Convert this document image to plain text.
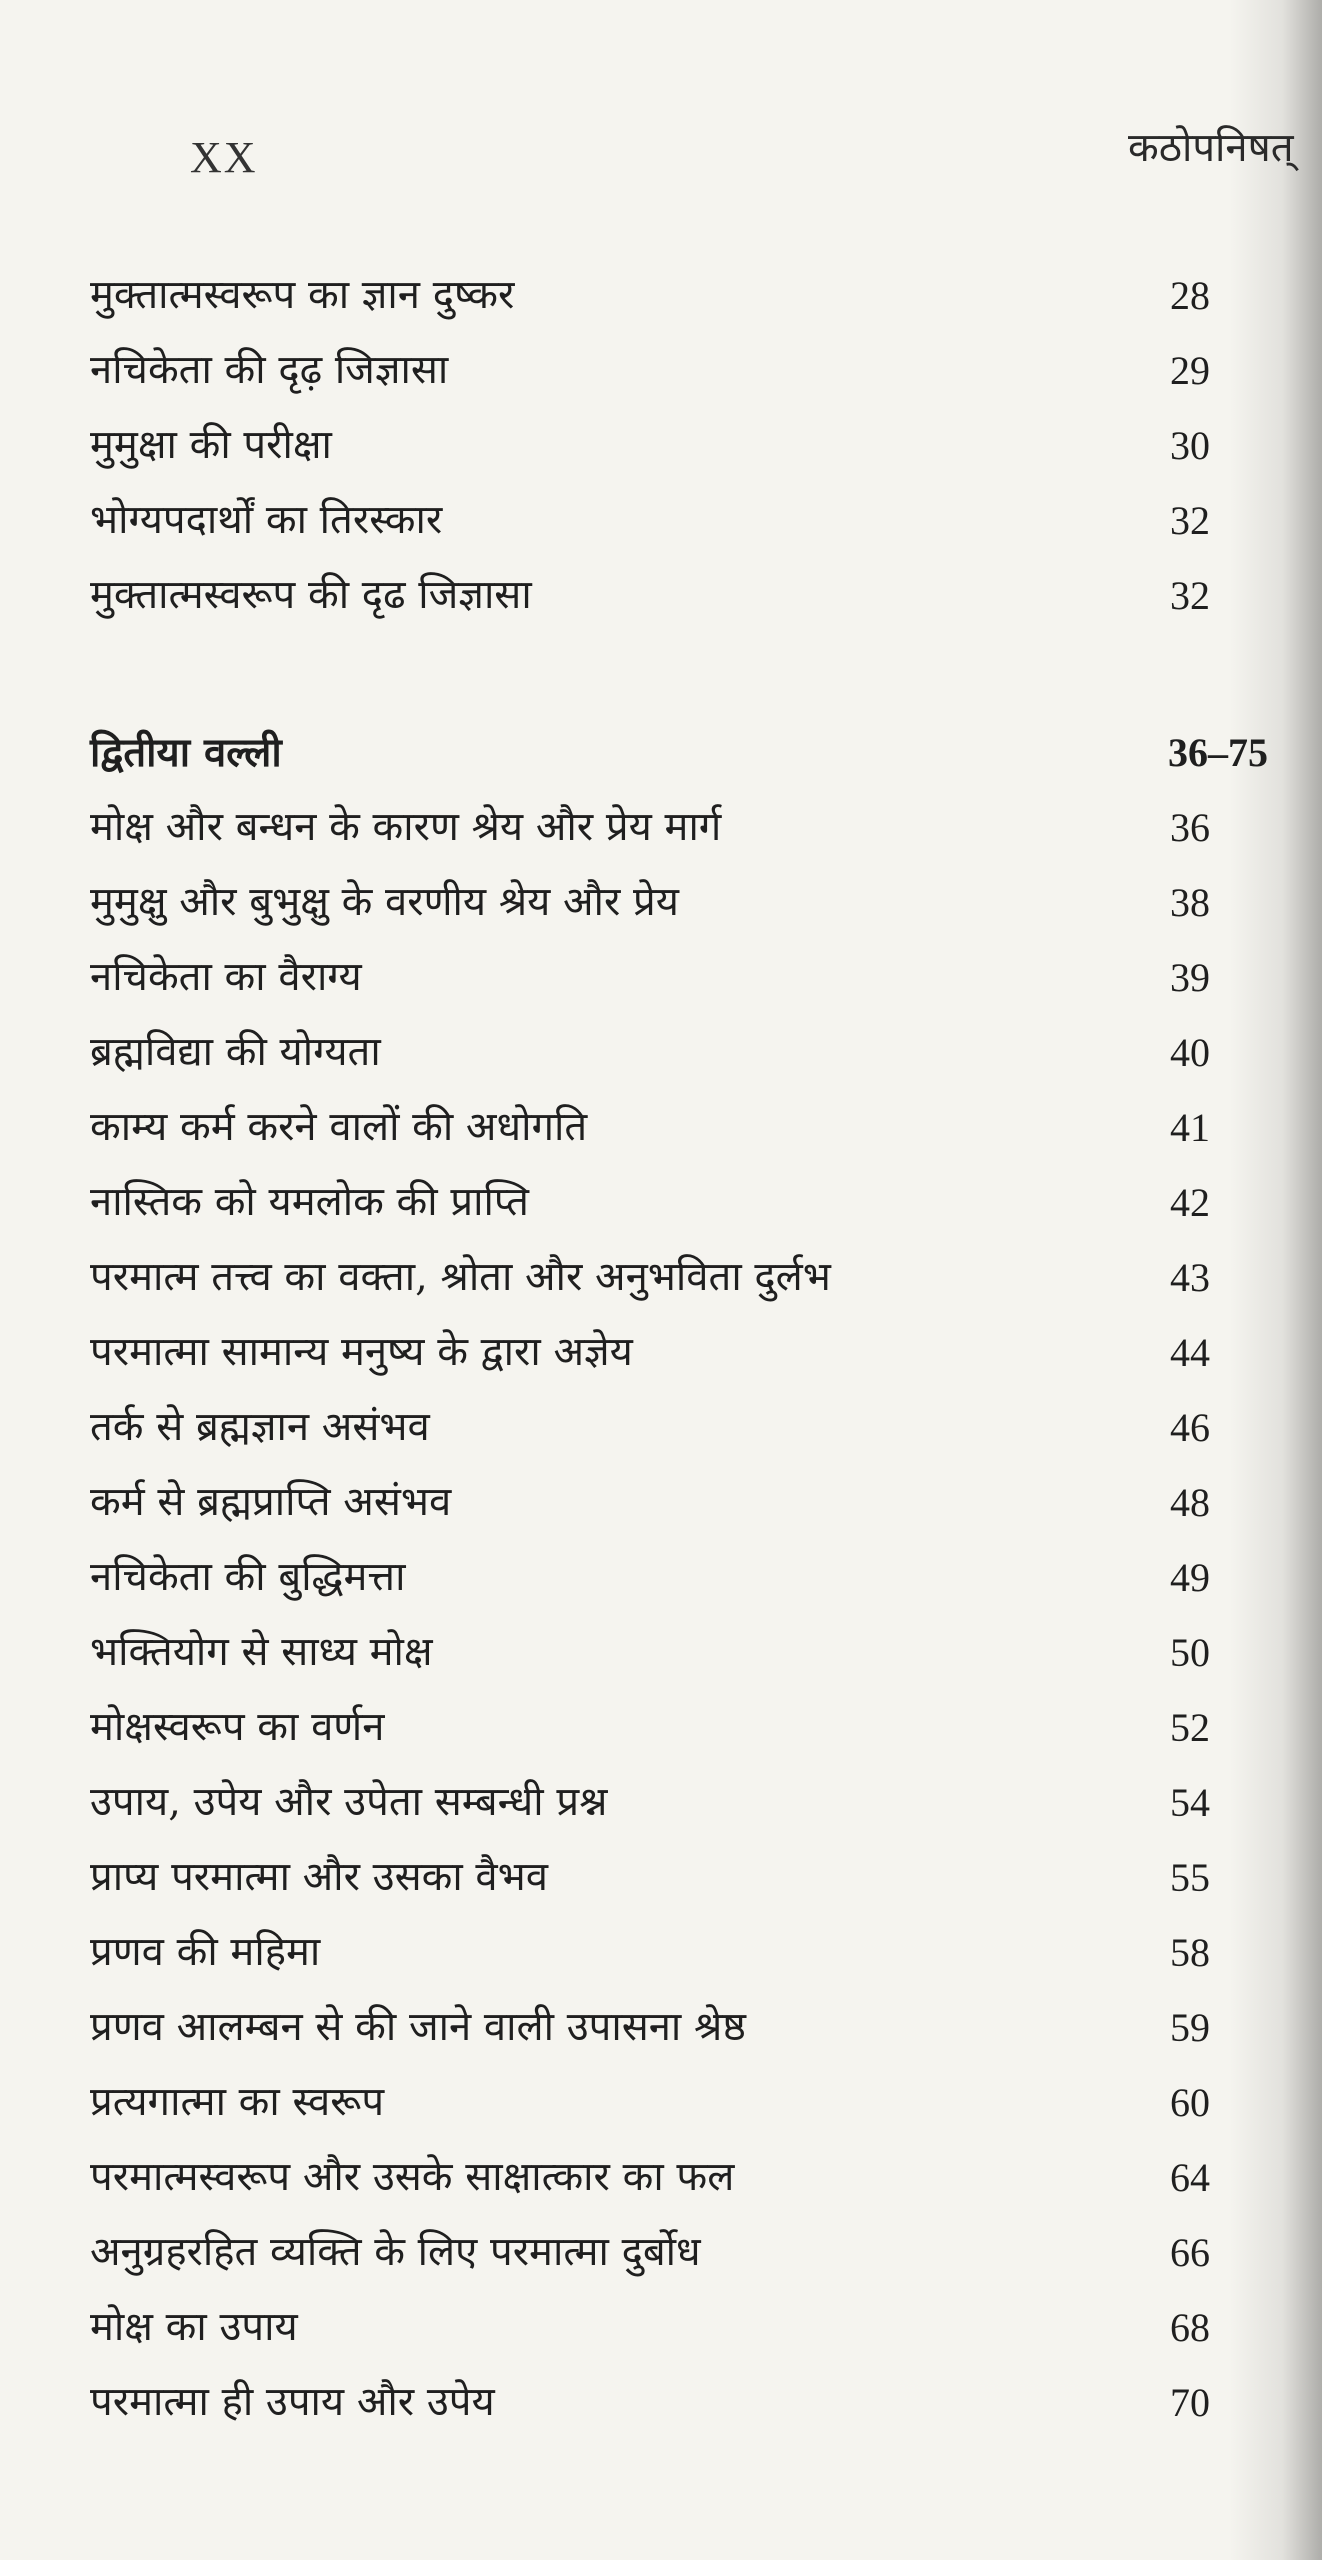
XX	कठोपनिषत्
मुक्तात्मस्वरूप का ज्ञान दुष्कर	28
नचिकेता की दृढ़ जिज्ञासा	29
मुमुक्षा की परीक्षा	30
भोग्यपदार्थों का तिरस्कार	32
मुक्तात्मस्वरूप की दृढ जिज्ञासा	32
द्वितीया वल्ली	36–75
मोक्ष और बन्धन के कारण श्रेय और प्रेय मार्ग	36
मुमुक्षु और बुभुक्षु के वरणीय श्रेय और प्रेय	38
नचिकेता का वैराग्य	39
ब्रह्मविद्या की योग्यता	40
काम्य कर्म करने वालों की अधोगति	41
नास्तिक को यमलोक की प्राप्ति	42
परमात्म तत्त्व का वक्ता, श्रोता और अनुभविता दुर्लभ	43
परमात्मा सामान्य मनुष्य के द्वारा अज्ञेय	44
तर्क से ब्रह्मज्ञान असंभव	46
कर्म से ब्रह्मप्राप्ति असंभव	48
नचिकेता की बुद्धिमत्ता	49
भक्तियोग से साध्य मोक्ष	50
मोक्षस्वरूप का वर्णन	52
उपाय, उपेय और उपेता सम्बन्धी प्रश्न	54
प्राप्य परमात्मा और उसका वैभव	55
प्रणव की महिमा	58
प्रणव आलम्बन से की जाने वाली उपासना श्रेष्ठ	59
प्रत्यगात्मा का स्वरूप	60
परमात्मस्वरूप और उसके साक्षात्कार का फल	64
अनुग्रहरहित व्यक्ति के लिए परमात्मा दुर्बोध	66
मोक्ष का उपाय	68
परमात्मा ही उपाय और उपेय	70
